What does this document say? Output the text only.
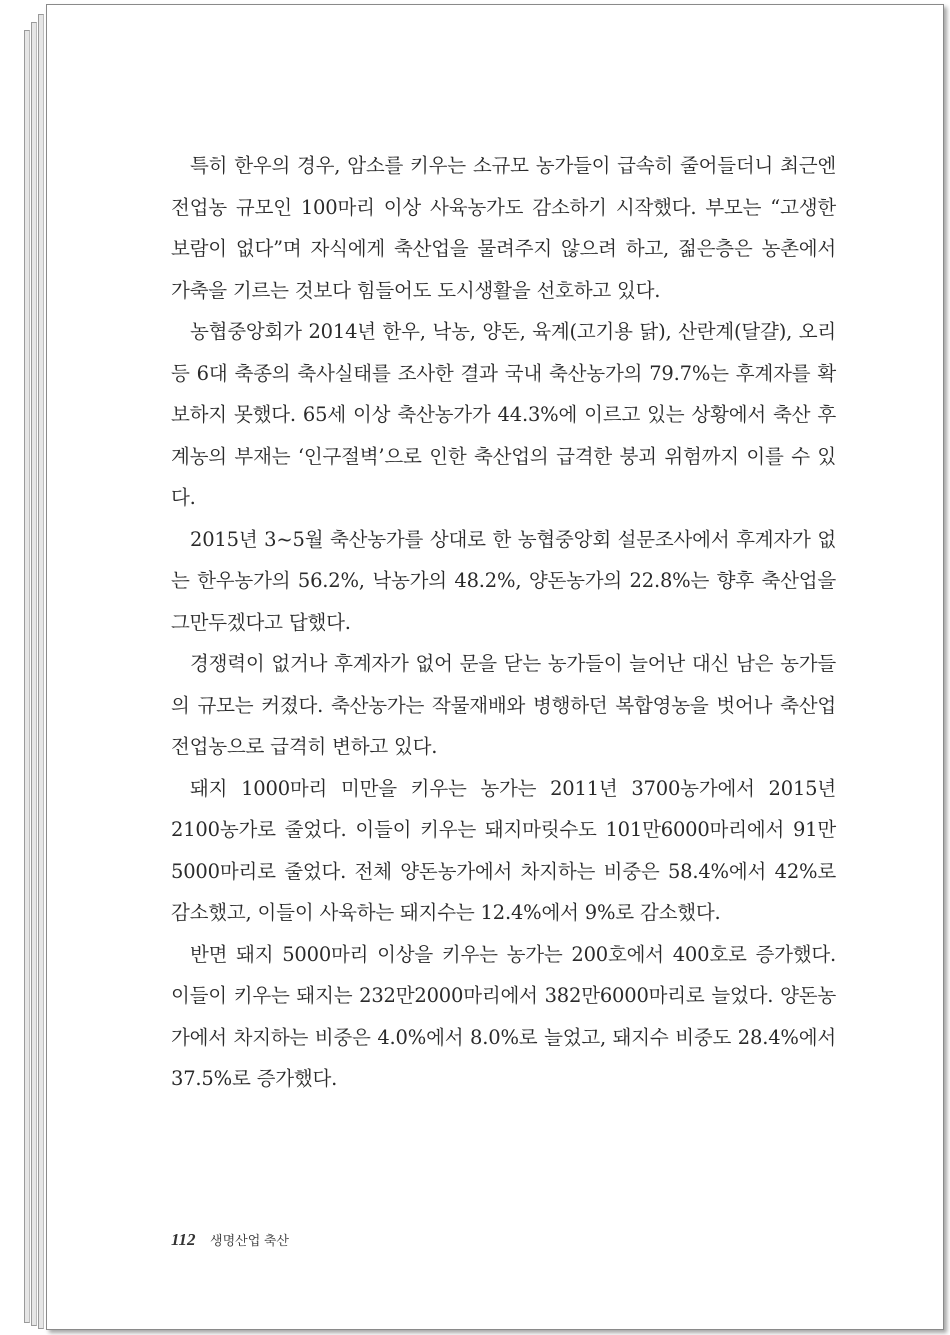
특히 한우의 경우, 암소를 키우는 소규모 농가들이 급속히 줄어들더니 최근엔 전업농 규모인 100마리 이상 사육농가도 감소하기 시작했다. 부모는 “고생한 보람이 없다”며 자식에게 축산업을 물려주지 않으려 하고, 젊은층은 농촌에서 가축을 기르는 것보다 힘들어도 도시생활을 선호하고 있다.

농협중앙회가 2014년 한우, 낙농, 양돈, 육계(고기용 닭), 산란계(달걀), 오리 등 6대 축종의 축사실태를 조사한 결과 국내 축산농가의 79.7%는 후계자를 확보하지 못했다. 65세 이상 축산농가가 44.3%에 이르고 있는 상황에서 축산 후계농의 부재는 ‘인구절벽’으로 인한 축산업의 급격한 붕괴 위험까지 이를 수 있다.

2015년 3~5월 축산농가를 상대로 한 농협중앙회 설문조사에서 후계자가 없는 한우농가의 56.2%, 낙농가의 48.2%, 양돈농가의 22.8%는 향후 축산업을 그만두겠다고 답했다.

경쟁력이 없거나 후계자가 없어 문을 닫는 농가들이 늘어난 대신 남은 농가들의 규모는 커졌다. 축산농가는 작물재배와 병행하던 복합영농을 벗어나 축산업 전업농으로 급격히 변하고 있다.

돼지 1000마리 미만을 키우는 농가는 2011년 3700농가에서 2015년 2100농가로 줄었다. 이들이 키우는 돼지마릿수도 101만6000마리에서 91만5000마리로 줄었다. 전체 양돈농가에서 차지하는 비중은 58.4%에서 42%로 감소했고, 이들이 사육하는 돼지수는 12.4%에서 9%로 감소했다.

반면 돼지 5000마리 이상을 키우는 농가는 200호에서 400호로 증가했다. 이들이 키우는 돼지는 232만2000마리에서 382만6000마리로 늘었다. 양돈농가에서 차지하는 비중은 4.0%에서 8.0%로 늘었고, 돼지수 비중도 28.4%에서 37.5%로 증가했다.

112 생명산업 축산
